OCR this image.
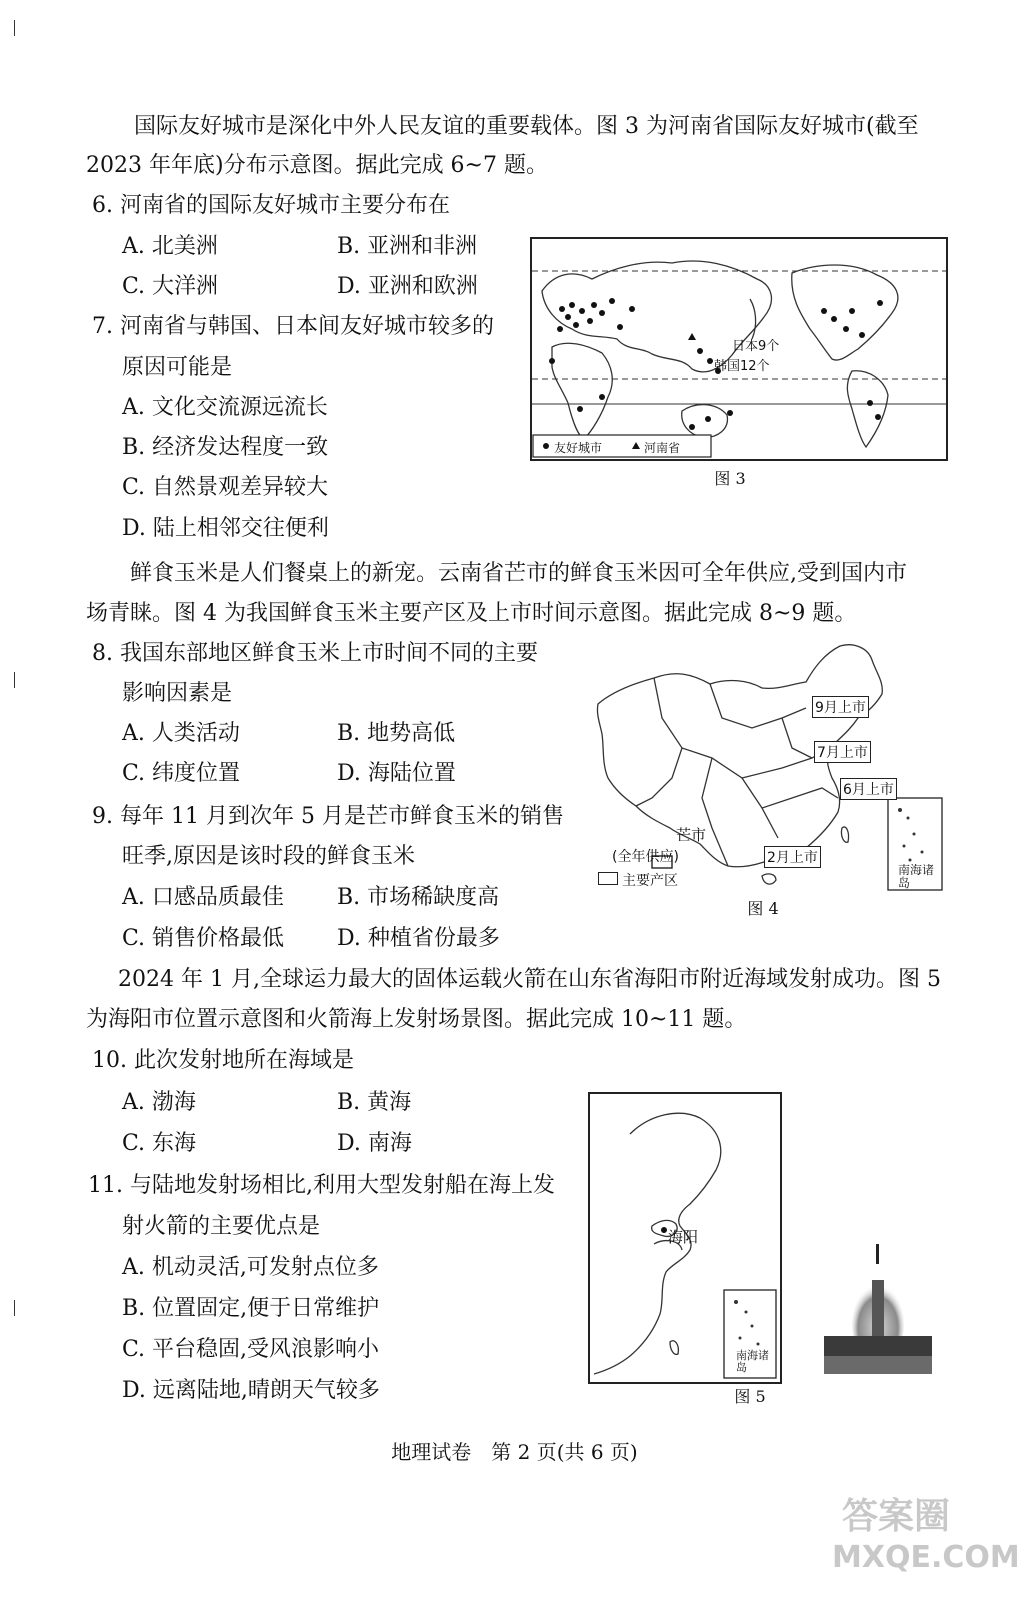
国际友好城市是深化中外人民友谊的重要载体。图 3 为河南省国际友好城市(截至
2023 年年底)分布示意图。据此完成 6~7 题。
6. 河南省的国际友好城市主要分布在
A. 北美洲	B. 亚洲和非洲
C. 大洋洲	D. 亚洲和欧洲
7. 河南省与韩国、日本间友好城市较多的
原因可能是
A. 文化交流源远流长
B. 经济发达程度一致
C. 自然景观差异较大
D. 陆上相邻交往便利
日本9个
韩国12个
友好城市	河南省
图 3
鲜食玉米是人们餐桌上的新宠。云南省芒市的鲜食玉米因可全年供应,受到国内市
场青睐。图 4 为我国鲜食玉米主要产区及上市时间示意图。据此完成 8~9 题。
8. 我国东部地区鲜食玉米上市时间不同的主要
影响因素是
A. 人类活动	B. 地势高低
C. 纬度位置	D. 海陆位置
9. 每年 11 月到次年 5 月是芒市鲜食玉米的销售
旺季,原因是该时段的鲜食玉米
A. 口感品质最佳 B. 市场稀缺度高
C. 销售价格最低 D. 种植省份最多
9月上市
7月上市
6月上市
2月上市
芒市
(全年供应)
南海诸岛
主要产区
图 4
2024 年 1 月,全球运力最大的固体运载火箭在山东省海阳市附近海域发射成功。图 5
为海阳市位置示意图和火箭海上发射场景图。据此完成 10~11 题。
10. 此次发射地所在海域是
A. 渤海	B. 黄海
C. 东海	D. 南海
11. 与陆地发射场相比,利用大型发射船在海上发
射火箭的主要优点是
A. 机动灵活,可发射点位多
B. 位置固定,便于日常维护
C. 平台稳固,受风浪影响小
D. 远离陆地,晴朗天气较多
海阳
南海诸岛
图 5
地理试卷　第 2 页(共 6 页)
答案圈
MXQE.COM
